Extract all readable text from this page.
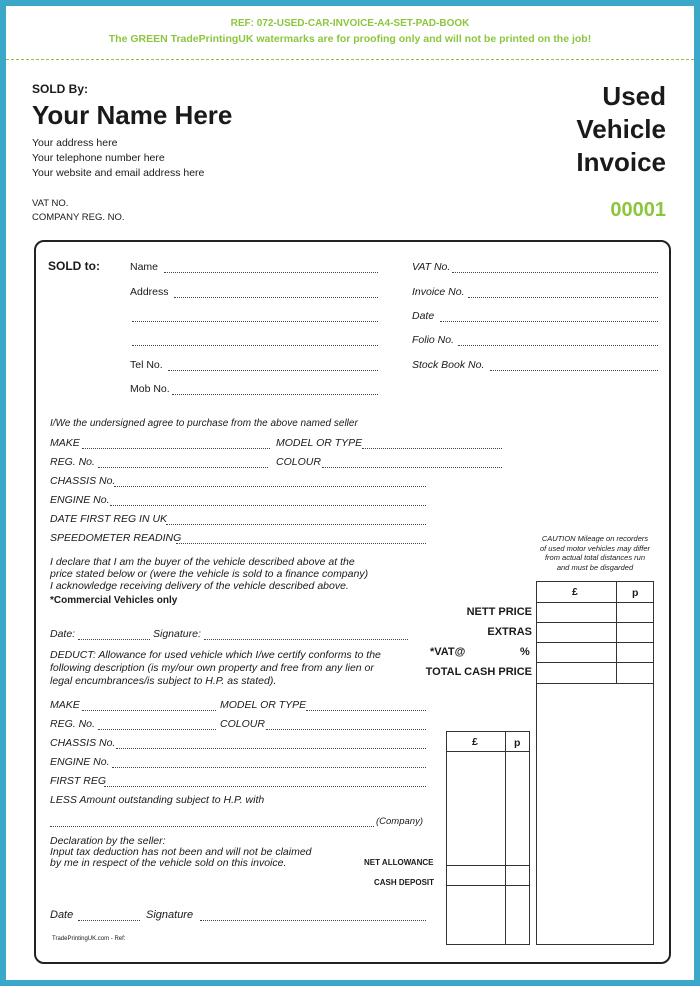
REF: 072-USED-CAR-INVOICE-A4-SET-PAD-BOOK
The GREEN TradePrintingUK watermarks are for proofing only and will not be printed on the job!
SOLD By:
Your Name Here
Your address here
Your telephone number here
Your website and email address here
VAT NO.
COMPANY REG. NO.
Used
Vehicle
Invoice
00001
SOLD to:	Name
Address
Tel No.
Mob No.
VAT No.
Invoice No.
Date
Folio No.
Stock Book No.
I/We the undersigned agree to purchase from the above named seller
MAKE	MODEL OR TYPE
REG. No.	COLOUR
CHASSIS No.
ENGINE No.
DATE FIRST REG IN UK
SPEEDOMETER READING
I declare that I am the buyer of the vehicle described above at the
price stated below or (were the vehicle is sold to a finance company)
I acknowledge receiving delivery of the vehicle described above.
*Commercial Vehicles only
Date:	Signature:
CAUTION Mileage on recorders
of used motor vehicles may differ
from actual total distances run
and must be disgarded
£	p
NETT PRICE
EXTRAS
*VAT@	%
TOTAL CASH PRICE
DEDUCT: Allowance for used vehicle which I/we certify conforms to the
following description (is my/our own property and free from any lien or
legal encumbrances/is subject to H.P. as stated).
MAKE	MODEL OR TYPE
REG. No.	COLOUR
CHASSIS No.
ENGINE No.
FIRST REG
LESS Amount outstanding subject to H.P. with
(Company)
Declaration by the seller:
Input tax deduction has not been and will not be claimed
by me in respect of the vehicle sold on this invoice.	NET ALLOWANCE
CASH DEPOSIT
Date	Signature
£	p
TradePrintingUK.com - Ref:
